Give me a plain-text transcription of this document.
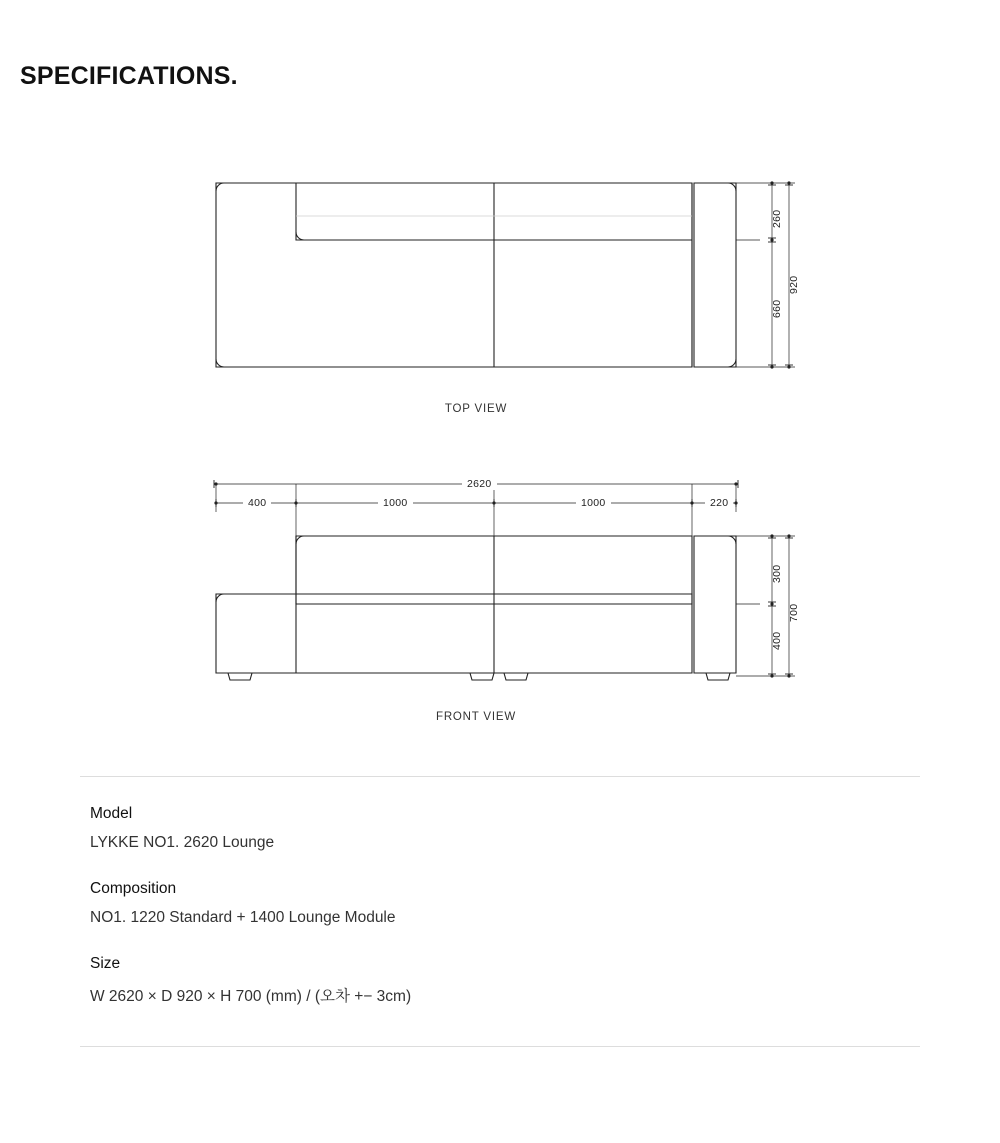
SPECIFICATIONS.
260
660
920
TOP VIEW
2620
400	1000	1000	220
300
400
700
FRONT VIEW

Model

LYKKE NO1. 2620 Lounge

Composition

NO1. 1220 Standard + 1400 Lounge Module

Size

W 2620 × D 920 × H 700 (mm) / (오차 +− 3cm)
